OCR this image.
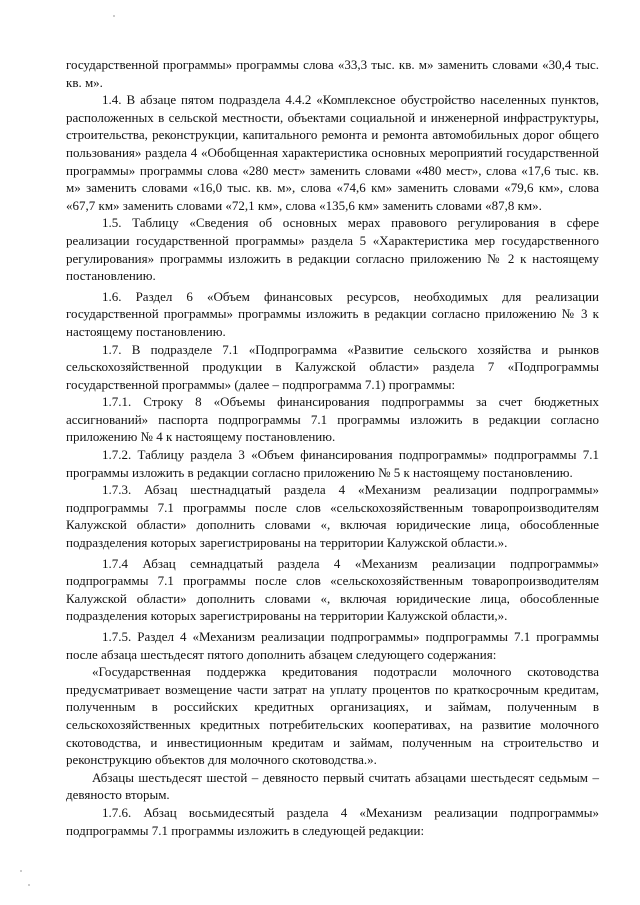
государственной программы» программы слова «33,3 тыс. кв. м» заменить словами «30,4 тыс. кв. м».

1.4. В абзаце пятом подраздела 4.4.2 «Комплексное обустройство населенных пунктов, расположенных в сельской местности, объектами социальной и инженерной инфраструктуры, строительства, реконструкции, капитального ремонта и ремонта автомобильных дорог общего пользования» раздела 4 «Обобщенная характеристика основных мероприятий государственной программы» программы слова «280 мест» заменить словами «480 мест», слова «17,6 тыс. кв. м» заменить словами «16,0 тыс. кв. м», слова «74,6 км» заменить словами «79,6 км», слова «67,7 км» заменить словами «72,1 км», слова «135,6 км» заменить словами «87,8 км».

1.5. Таблицу «Сведения об основных мерах правового регулирования в сфере реализации государственной программы» раздела 5 «Характеристика мер государственного регулирования» программы изложить в редакции согласно приложению № 2 к настоящему постановлению.

1.6. Раздел 6 «Объем финансовых ресурсов, необходимых для реализации государственной программы» программы изложить в редакции согласно приложению № 3 к настоящему постановлению.

1.7. В подразделе 7.1 «Подпрограмма «Развитие сельского хозяйства и рынков сельскохозяйственной продукции в Калужской области» раздела 7 «Подпрограммы государственной программы» (далее – подпрограмма 7.1) программы:

1.7.1. Строку 8 «Объемы финансирования подпрограммы за счет бюджетных ассигнований» паспорта подпрограммы 7.1 программы изложить в редакции согласно приложению № 4 к настоящему постановлению.

1.7.2. Таблицу раздела 3 «Объем финансирования подпрограммы» подпрограммы 7.1 программы изложить в редакции согласно приложению № 5 к настоящему постановлению.

1.7.3. Абзац шестнадцатый раздела 4 «Механизм реализации подпрограммы» подпрограммы 7.1 программы после слов «сельскохозяйственным товаропроизводителям Калужской области» дополнить словами «, включая юридические лица, обособленные подразделения которых зарегистрированы на территории Калужской области.».

1.7.4 Абзац семнадцатый раздела 4 «Механизм реализации подпрограммы» подпрограммы 7.1 программы после слов «сельскохозяйственным товаропроизводителям Калужской области» дополнить словами «, включая юридические лица, обособленные подразделения которых зарегистрированы на территории Калужской области,».

1.7.5. Раздел 4 «Механизм реализации подпрограммы» подпрограммы 7.1 программы после абзаца шестьдесят пятого дополнить абзацем следующего содержания:

«Государственная поддержка кредитования подотрасли молочного скотоводства предусматривает возмещение части затрат на уплату процентов по краткосрочным кредитам, полученным в российских кредитных организациях, и займам, полученным в сельскохозяйственных кредитных потребительских кооперативах, на развитие молочного скотоводства, и инвестиционным кредитам и займам, полученным на строительство и реконструкцию объектов для молочного скотоводства.».

Абзацы шестьдесят шестой – девяносто первый считать абзацами шестьдесят седьмым – девяносто вторым.

1.7.6. Абзац восьмидесятый раздела 4 «Механизм реализации подпрограммы» подпрограммы 7.1 программы изложить в следующей редакции:
